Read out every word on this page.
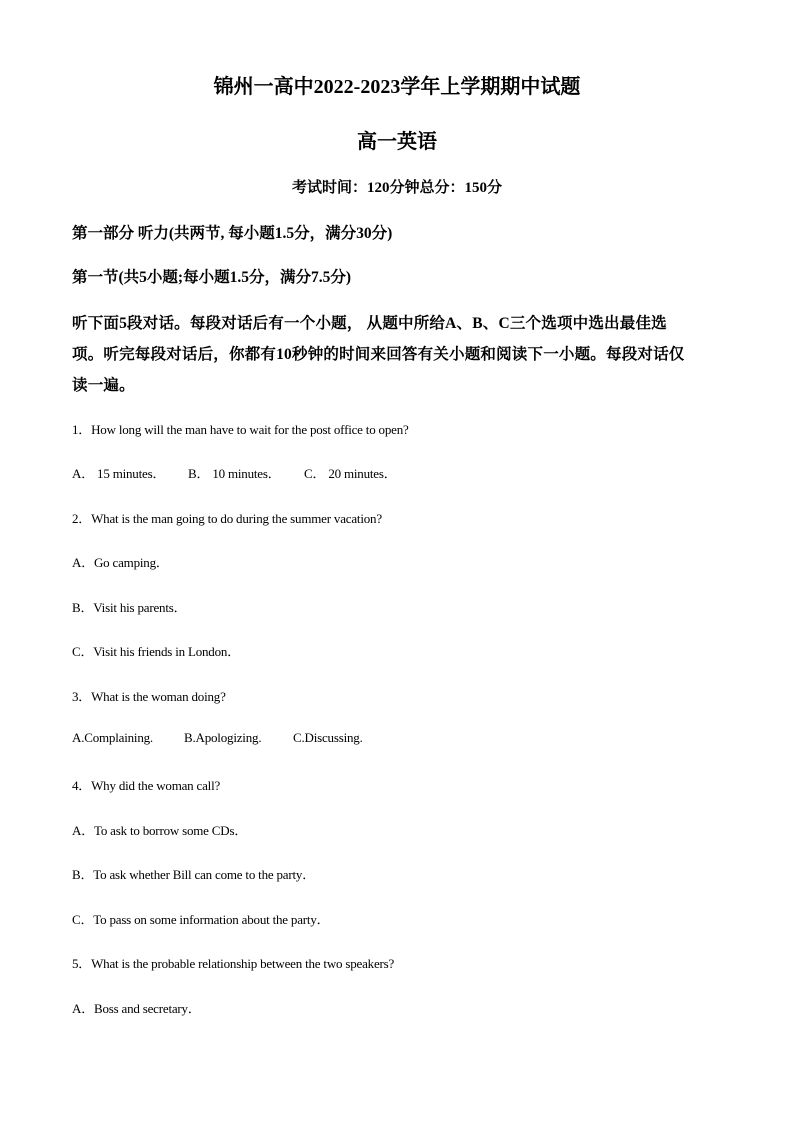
锦州一高中2022-2023学年上学期期中试题
高一英语
考试时间：120分钟总分：150分
第一部分 听力(共两节, 每小题1.5分，满分30分)
第一节(共5小题;每小题1.5分，满分7.5分)
听下面5段对话。每段对话后有一个小题， 从题中所给A、B、C三个选项中选出最佳选
项。听完每段对话后，你都有10秒钟的时间来回答有关小题和阅读下一小题。每段对话仅
读一遍。
1．How long will the man have to wait for the post office to open?
A． 15 minutes． B． 10 minutes． C． 20 minutes．
2．What is the man going to do during the summer vacation?
A．Go camping．
B．Visit his parents．
C．Visit his friends in London．
3．What is the woman doing?
A.Complaining. B.Apologizing. C.Discussing.
4．Why did the woman call?
A．To ask to borrow some CDs．
B．To ask whether Bill can come to the party．
C．To pass on some information about the party．
5．What is the probable relationship between the two speakers?
A．Boss and secretary．
